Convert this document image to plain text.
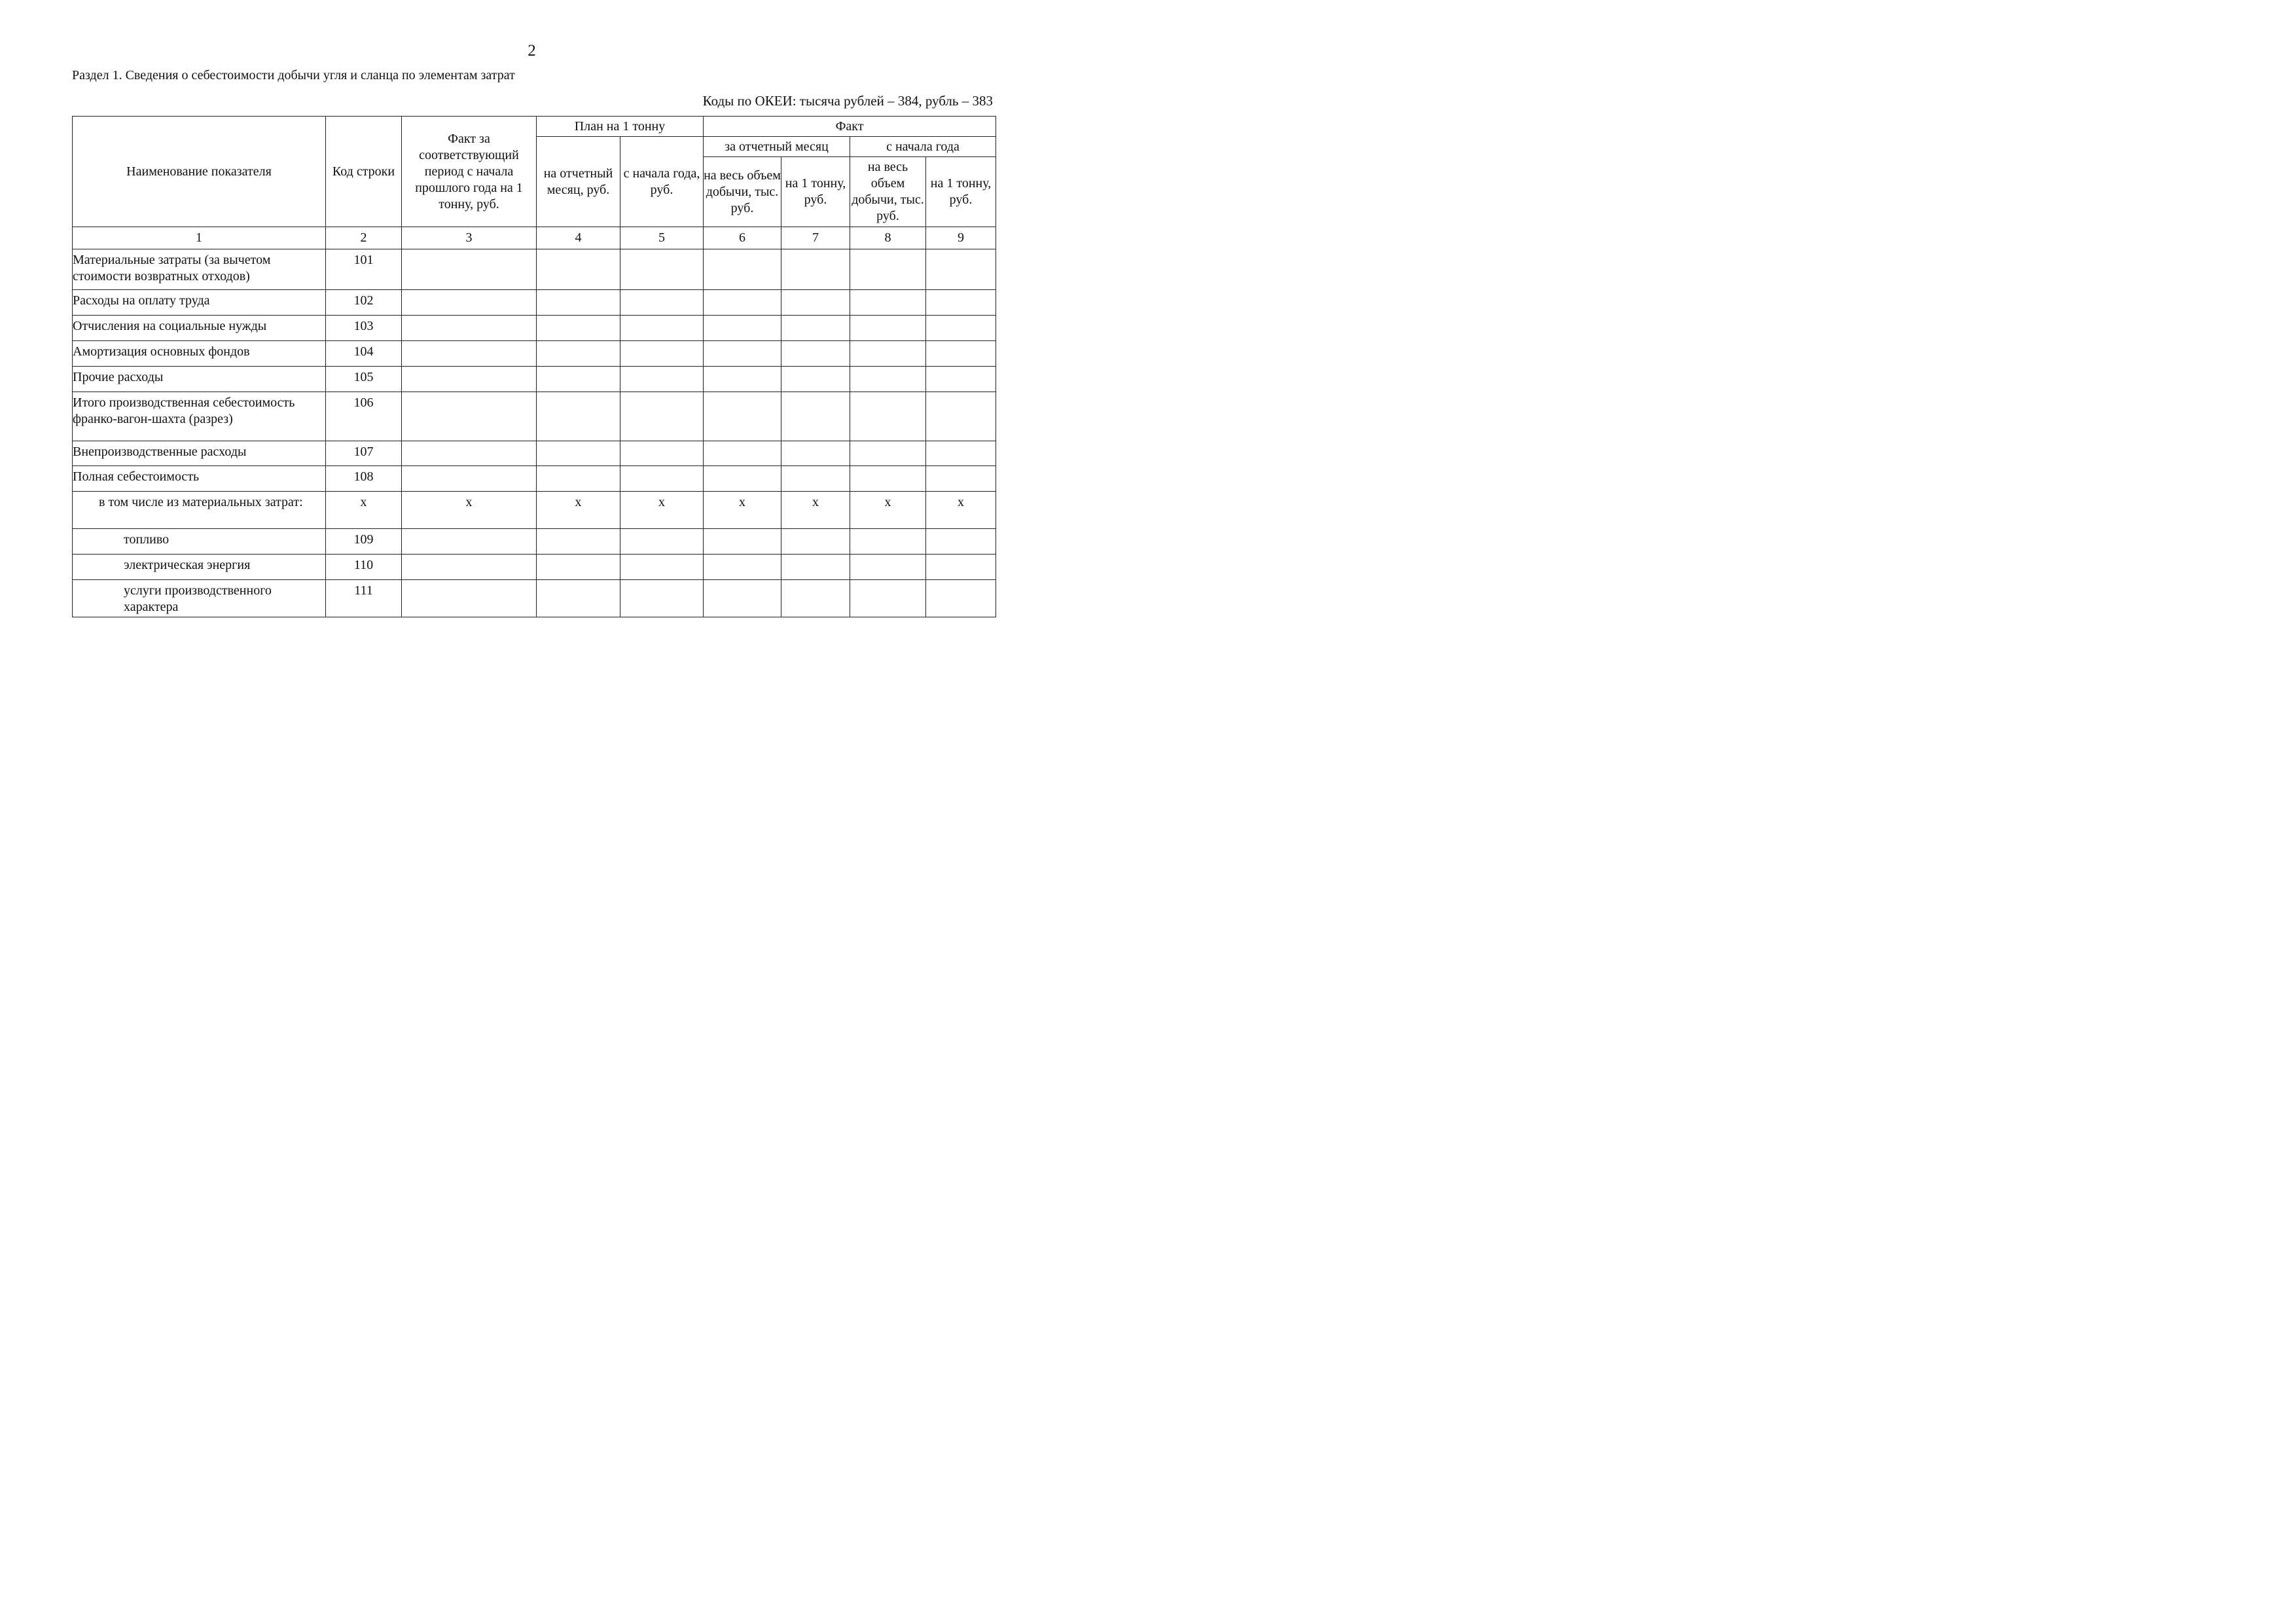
2
Раздел 1. Сведения о себестоимости добычи угля и сланца по элементам затрат
Коды по ОКЕИ: тысяча рублей – 384, рубль – 383
Наименование показателя	Код строки	Факт за соответствующий период с начала прошлого года на 1 тонну, руб.	План на 1 тонну		Факт			
			на отчетный месяц, руб.	с начала года, руб.	за отчетный месяц		с начала года	
					на весь объем добычи, тыс. руб.	на 1 тонну, руб.	на весь объем добычи, тыс. руб.	на 1 тонну, руб.
1	2	3	4	5	6	7	8	9
Материальные затраты (за вычетом стоимости возвратных отходов)	101							
Расходы на оплату труда	102							
Отчисления на социальные нужды	103							
Амортизация основных фондов	104							
Прочие расходы	105							
Итого производственная себестоимость франко-вагон-шахта (разрез)	106							
Внепроизводственные расходы	107							
Полная себестоимость	108							
в том числе из материальных затрат:	x	x	x	x	x	x	x	x
топливо	109							
электрическая энергия	110							
услуги производственного характера	111							
